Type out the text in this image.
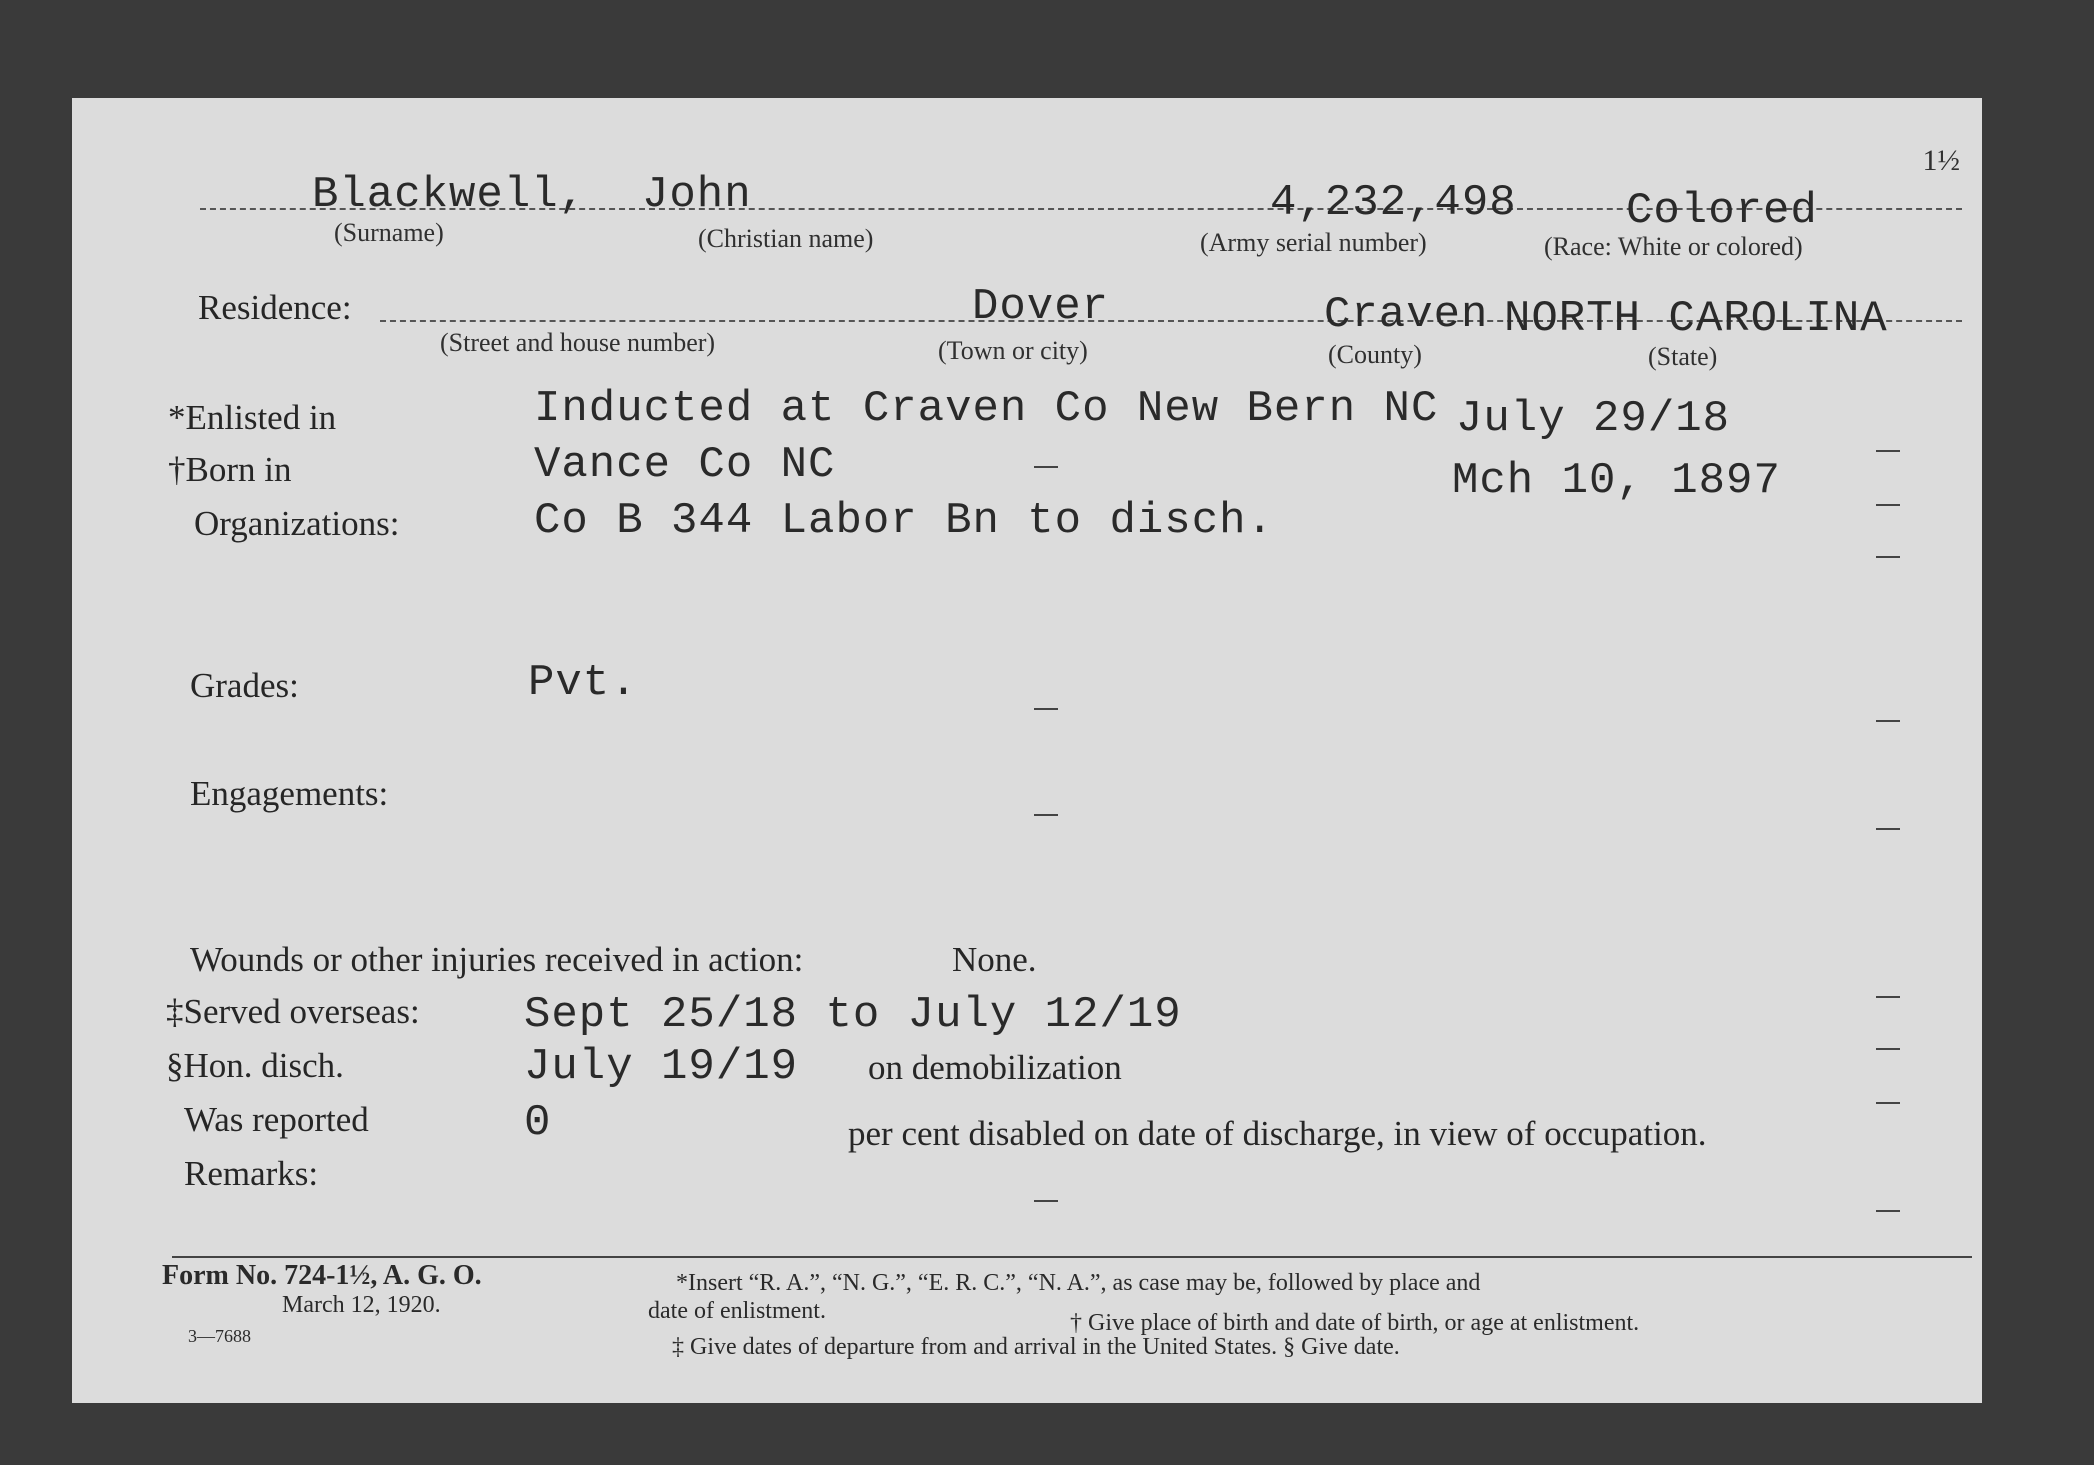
1½
Blackwell, John	4,232,498 Colored
(Surname)	(Christian name)	(Army serial number)	(Race: White or colored)
Residence:	Dover	Craven NORTH CAROLINA
(Street and house number)	(Town or city)	(County)	(State)
*Enlisted in	Inducted at Craven Co New Bern NC July 29/18
†Born in	Vance Co NC	Mch 10, 1897
Organizations:	Co B 344 Labor Bn to disch.
Grades:	Pvt.
Engagements:
Wounds or other injuries received in action:	None.
‡Served overseas: Sept 25/18 to July 12/19
§Hon. disch.	July 19/19 on demobilization
Was reported	0	per cent disabled on date of discharge, in view of occupation.
Remarks:
Form No. 724-1½, A. G. O.
March 12, 1920.
3—7688
*Insert “R. A.”, “N. G.”, “E. R. C.”, “N. A.”, as case may be, followed by place and
date of enlistment.	† Give place of birth and date of birth, or age at enlistment.
‡ Give dates of departure from and arrival in the United States. § Give date.
